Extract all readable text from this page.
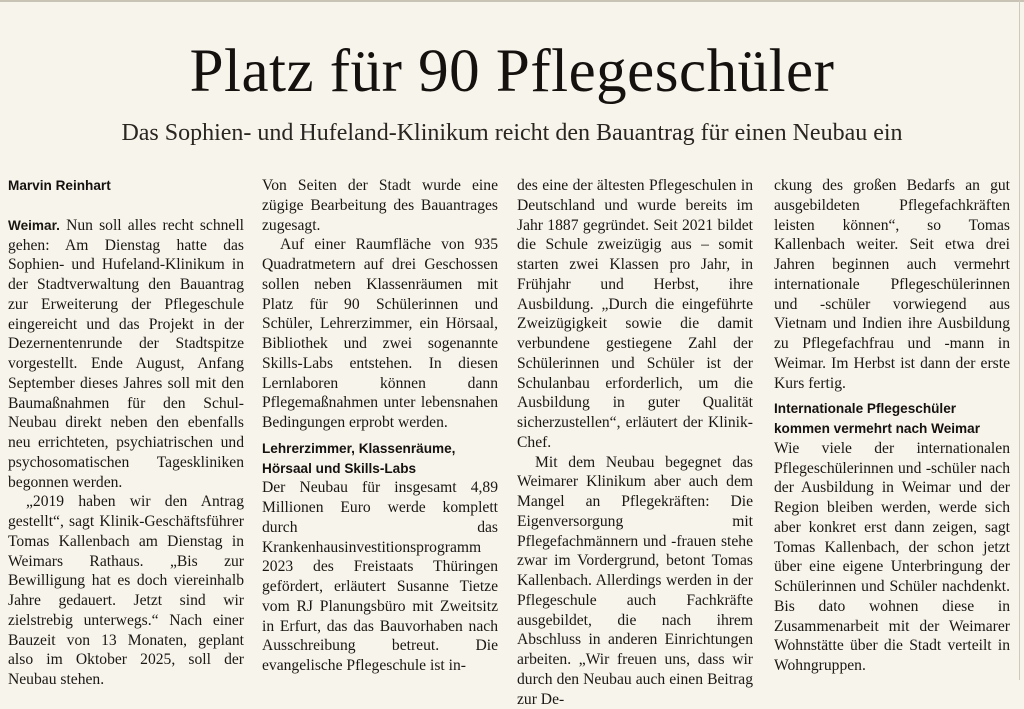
Platz für 90 Pflegeschüler
Das Sophien- und Hufeland-Klinikum reicht den Bauantrag für einen Neubau ein
Marvin Reinhart

Weimar. Nun soll alles recht schnell gehen: Am Dienstag hatte das Sophien- und Hufeland-Klinikum in der Stadtverwaltung den Bauantrag zur Erweiterung der Pflegeschule eingereicht und das Projekt in der Dezernentenrunde der Stadtspitze vorgestellt. Ende August, Anfang September dieses Jahres soll mit den Baumaßnahmen für den Schul-Neubau direkt neben den ebenfalls neu errichteten, psychiatrischen und psychosomatischen Tageskliniken begonnen werden.

„2019 haben wir den Antrag gestellt“, sagt Klinik-Geschäftsführer Tomas Kallenbach am Dienstag in Weimars Rathaus. „Bis zur Bewilligung hat es doch viereinhalb Jahre gedauert. Jetzt sind wir zielstrebig unterwegs.“ Nach einer Bauzeit von 13 Monaten, geplant also im Oktober 2025, soll der Neubau stehen.

Von Seiten der Stadt wurde eine zügige Bearbeitung des Bauantrages zugesagt.

Auf einer Raumfläche von 935 Quadratmetern auf drei Geschossen sollen neben Klassenräumen mit Platz für 90 Schülerinnen und Schüler, Lehrerzimmer, ein Hörsaal, Bibliothek und zwei sogenannte Skills-Labs entstehen. In diesen Lernlaboren können dann Pflegemaßnahmen unter lebensnahen Bedingungen erprobt werden.

Lehrerzimmer, Klassenräume, Hörsaal und Skills-Labs

Der Neubau für insgesamt 4,89 Millionen Euro werde komplett durch das Krankenhausinvestitionsprogramm 2023 des Freistaats Thüringen gefördert, erläutert Susanne Tietze vom RJ Planungsbüro mit Zweitsitz in Erfurt, das das Bauvorhaben nach Ausschreibung betreut. Die evangelische Pflegeschule ist in-

des eine der ältesten Pflegeschulen in Deutschland und wurde bereits im Jahr 1887 gegründet. Seit 2021 bildet die Schule zweizügig aus – somit starten zwei Klassen pro Jahr, in Frühjahr und Herbst, ihre Ausbildung. „Durch die eingeführte Zweizügigkeit sowie die damit verbundene gestiegene Zahl der Schülerinnen und Schüler ist der Schulanbau erforderlich, um die Ausbildung in guter Qualität sicherzustellen“, erläutert der Klinik-Chef.

Mit dem Neubau begegnet das Weimarer Klinikum aber auch dem Mangel an Pflegekräften: Die Eigenversorgung mit Pflegefachmännern und -frauen stehe zwar im Vordergrund, betont Tomas Kallenbach. Allerdings werden in der Pflegeschule auch Fachkräfte ausgebildet, die nach ihrem Abschluss in anderen Einrichtungen arbeiten. „Wir freuen uns, dass wir durch den Neubau auch einen Beitrag zur De-

ckung des großen Bedarfs an gut ausgebildeten Pflegefachkräften leisten können“, so Tomas Kallenbach weiter. Seit etwa drei Jahren beginnen auch vermehrt internationale Pflegeschülerinnen und -schüler vorwiegend aus Vietnam und Indien ihre Ausbildung zu Pflegefachfrau und -mann in Weimar. Im Herbst ist dann der erste Kurs fertig.

Internationale Pflegeschüler kommen vermehrt nach Weimar

Wie viele der internationalen Pflegeschülerinnen und -schüler nach der Ausbildung in Weimar und der Region bleiben werden, werde sich aber konkret erst dann zeigen, sagt Tomas Kallenbach, der schon jetzt über eine eigene Unterbringung der Schülerinnen und Schüler nachdenkt. Bis dato wohnen diese in Zusammenarbeit mit der Weimarer Wohnstätte über die Stadt verteilt in Wohngruppen.
